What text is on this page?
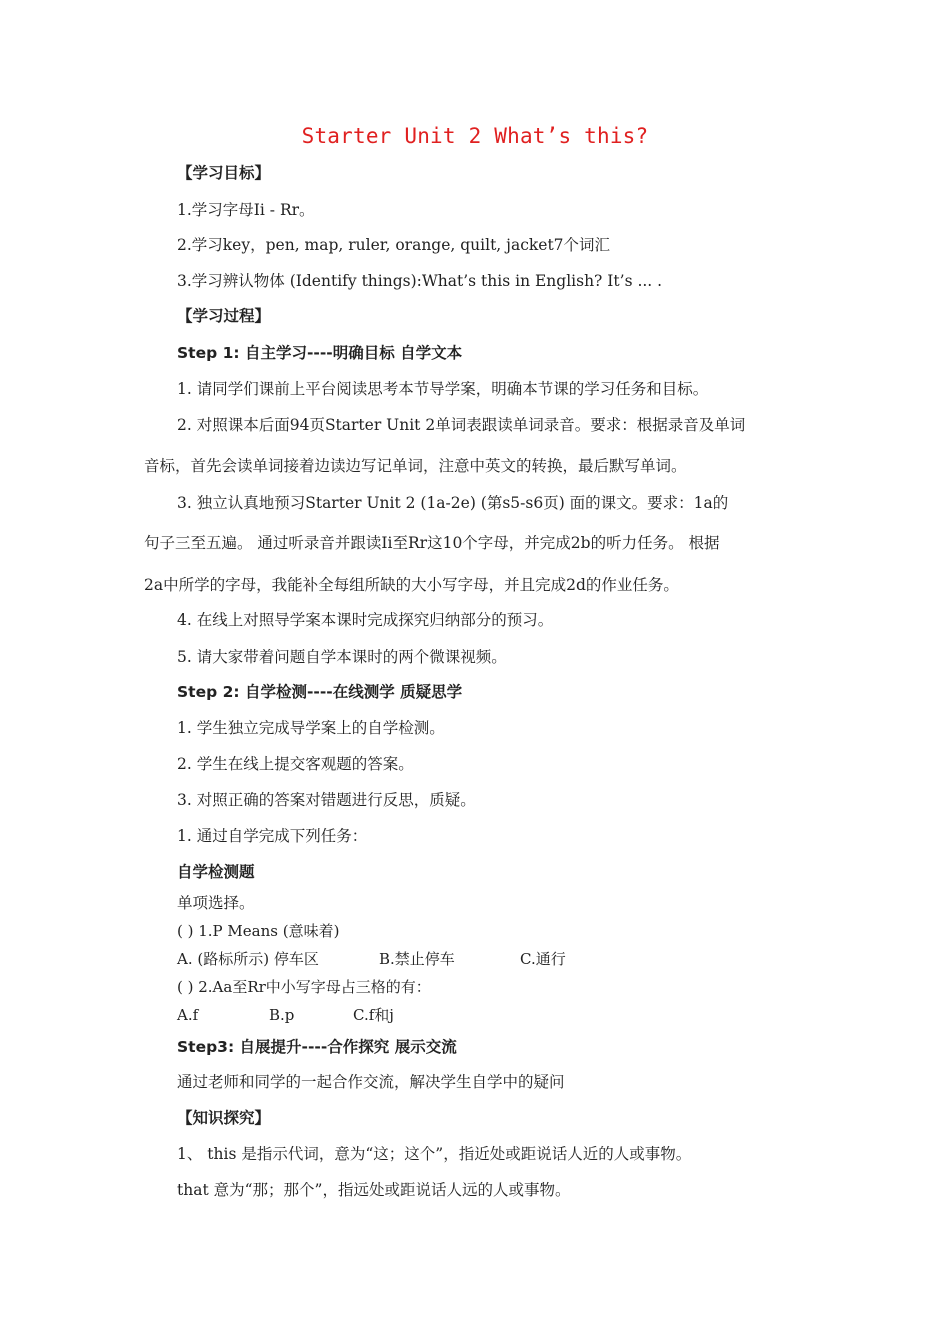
Starter Unit 2 What’s this?
【学习目标】
1.学习字母Ii - Rr。
2.学习key，pen, map, ruler, orange, quilt, jacket7个词汇
3.学习辨认物体 (Identify things):What’s this in English? It’s ... .
【学习过程】
Step 1: 自主学习----明确目标 自学文本
1. 请同学们课前上平台阅读思考本节导学案，明确本节课的学习任务和目标。
2. 对照课本后面94页Starter Unit 2单词表跟读单词录音。要求：根据录音及单词
音标，首先会读单词接着边读边写记单词，注意中英文的转换，最后默写单词。
3. 独立认真地预习Starter Unit 2 (1a-2e) (第s5-s6页) 面的课文。要求：1a的
句子三至五遍。 通过听录音并跟读Ii至Rr这10个字母，并完成2b的听力任务。 根据
2a中所学的字母，我能补全每组所缺的大小写字母，并且完成2d的作业任务。
4. 在线上对照导学案本课时完成探究归纳部分的预习。
5. 请大家带着问题自学本课时的两个微课视频。
Step 2: 自学检测----在线测学 质疑思学
1. 学生独立完成导学案上的自学检测。
2. 学生在线上提交客观题的答案。
3. 对照正确的答案对错题进行反思，质疑。
1. 通过自学完成下列任务：
自学检测题
单项选择。
( ) 1.P Means (意味着)
A. (路标所示) 停车区	B.禁止停车	C.通行
( ) 2.Aa至Rr中小写字母占三格的有：
A.f	B.p	C.f和j
Step3: 自展提升----合作探究 展示交流
通过老师和同学的一起合作交流，解决学生自学中的疑问
【知识探究】
1、 this 是指示代词，意为“这；这个”，指近处或距说话人近的人或事物。
that 意为“那；那个”，指远处或距说话人远的人或事物。
